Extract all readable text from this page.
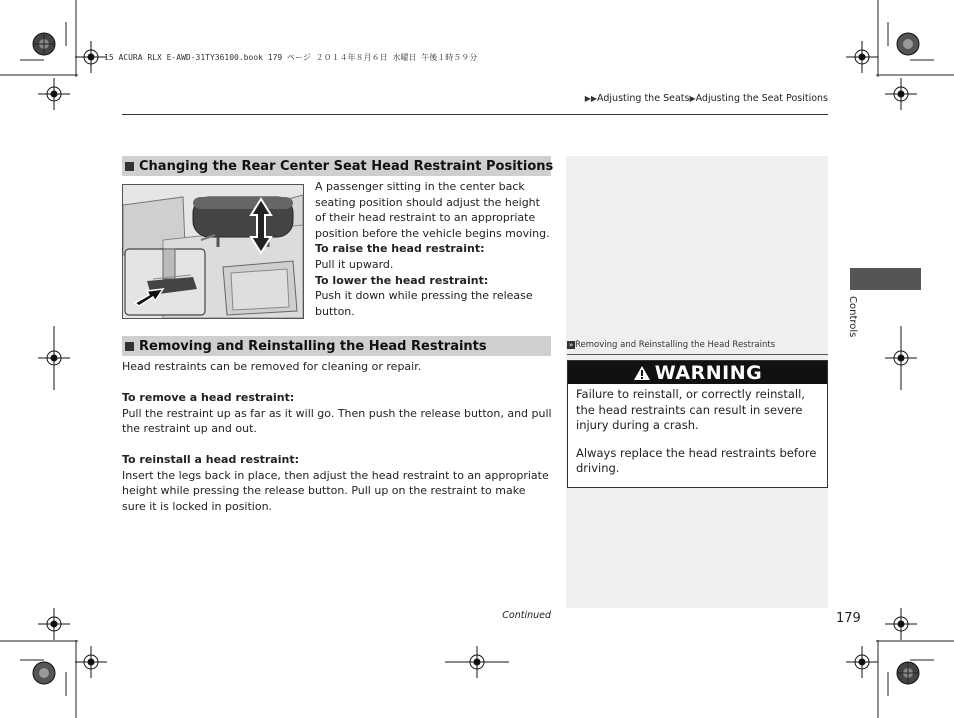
15 ACURA RLX E-AWD-31TY36100.book 179 ページ ２０１４年８月６日 水曜日 午後１時５９分
▶▶Adjusting the Seats▶Adjusting the Seat Positions
Changing the Rear Center Seat Head Restraint Positions
A passenger sitting in the center back seating position should adjust the height of their head restraint to an appropriate position before the vehicle begins moving.
To raise the head restraint:
Pull it upward.
To lower the head restraint:
Push it down while pressing the release button.
Removing and Reinstalling the Head Restraints
Head restraints can be removed for cleaning or repair.
To remove a head restraint:
Pull the restraint up as far as it will go. Then push the release button, and pull the restraint up and out.
To reinstall a head restraint:
Insert the legs back in place, then adjust the head restraint to an appropriate height while pressing the release button. Pull up on the restraint to make sure it is locked in position.
» Removing and Reinstalling the Head Restraints
WARNING

Failure to reinstall, or correctly reinstall, the head restraints can result in severe injury during a crash.

Always replace the head restraints before driving.

Controls
Continued	179
